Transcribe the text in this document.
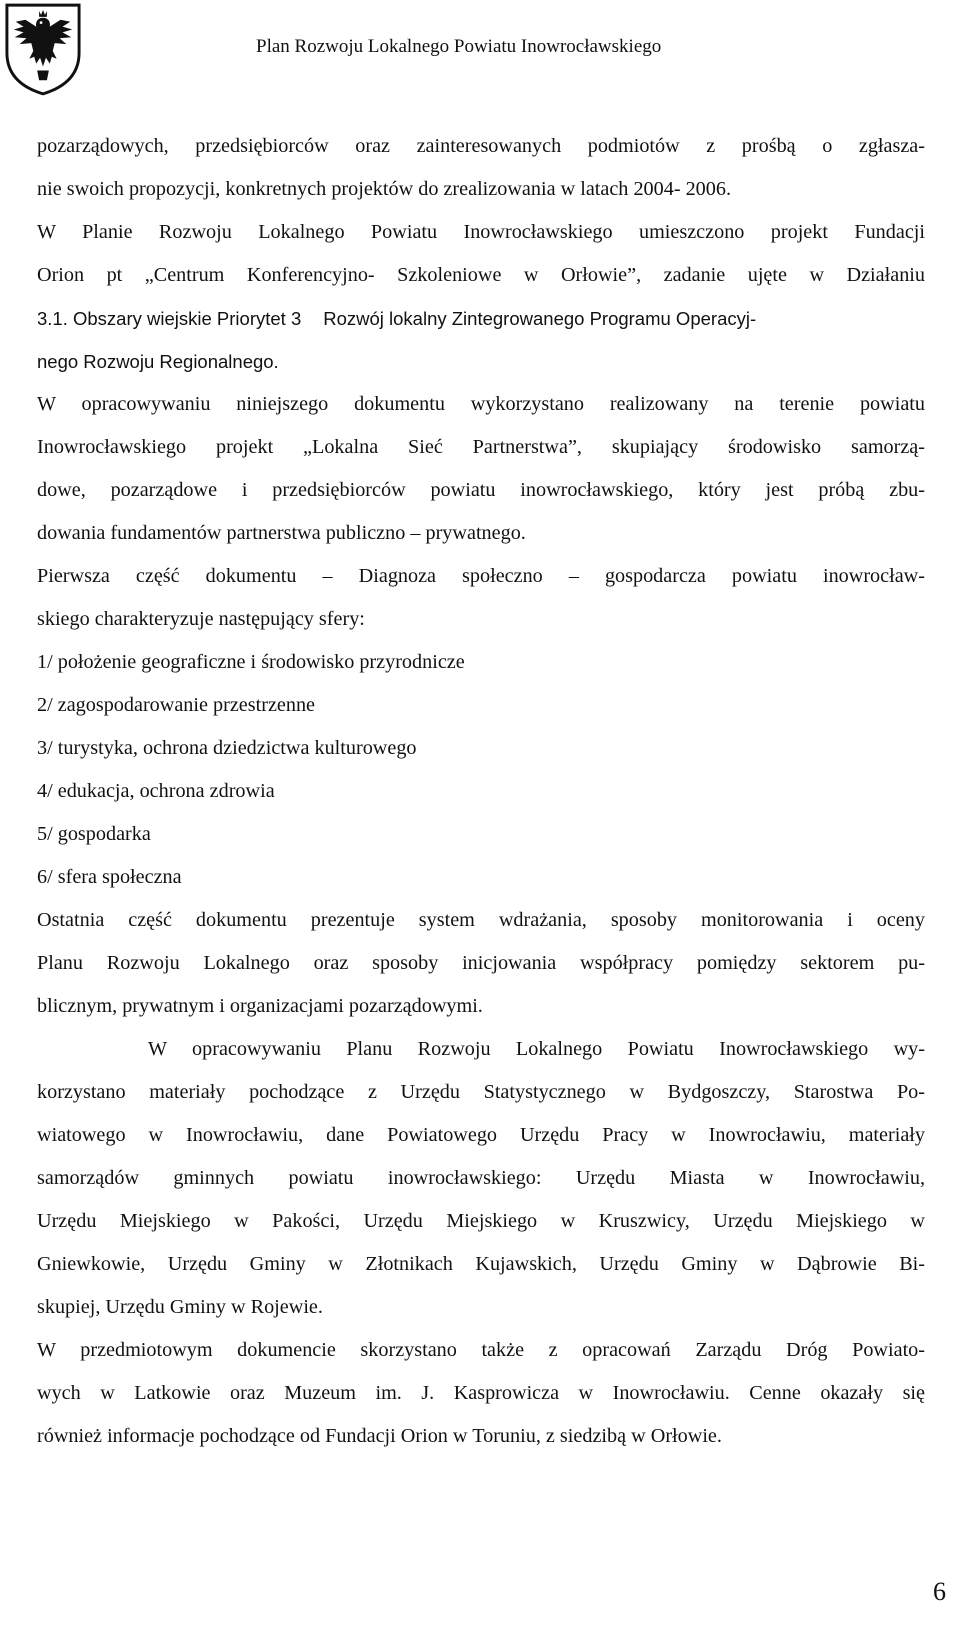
Plan Rozwoju Lokalnego Powiatu Inowrocławskiego
pozarządowych, przedsiębiorców oraz zainteresowanych podmiotów z prośbą o zgłasza-
nie swoich propozycji, konkretnych projektów do zrealizowania w latach 2004- 2006.
W Planie Rozwoju Lokalnego Powiatu Inowrocławskiego umieszczono projekt Fundacji
Orion pt „Centrum Konferencyjno- Szkoleniowe w Orłowie”, zadanie ujęte w Działaniu
3.1. Obszary wiejskie Priorytet 3 Rozwój lokalny Zintegrowanego Programu Operacyj-
nego Rozwoju Regionalnego.
W opracowywaniu niniejszego dokumentu wykorzystano realizowany na terenie powiatu
Inowrocławskiego projekt „Lokalna Sieć Partnerstwa”, skupiający środowisko samorzą-
dowe, pozarządowe i przedsiębiorców powiatu inowrocławskiego, który jest próbą zbu-
dowania fundamentów partnerstwa publiczno – prywatnego.
Pierwsza część dokumentu – Diagnoza społeczno – gospodarcza powiatu inowrocław-
skiego charakteryzuje następujący sfery:
1/ położenie geograficzne i środowisko przyrodnicze
2/ zagospodarowanie przestrzenne
3/ turystyka, ochrona dziedzictwa kulturowego
4/ edukacja, ochrona zdrowia
5/ gospodarka
6/ sfera społeczna
Ostatnia część dokumentu prezentuje system wdrażania, sposoby monitorowania i oceny
Planu Rozwoju Lokalnego oraz sposoby inicjowania współpracy pomiędzy sektorem pu-
blicznym, prywatnym i organizacjami pozarządowymi.
W opracowywaniu Planu Rozwoju Lokalnego Powiatu Inowrocławskiego wy-
korzystano materiały pochodzące z Urzędu Statystycznego w Bydgoszczy, Starostwa Po-
wiatowego w Inowrocławiu, dane Powiatowego Urzędu Pracy w Inowrocławiu, materiały
samorządów gminnych powiatu inowrocławskiego: Urzędu Miasta w Inowrocławiu,
Urzędu Miejskiego w Pakości, Urzędu Miejskiego w Kruszwicy, Urzędu Miejskiego w
Gniewkowie, Urzędu Gminy w Złotnikach Kujawskich, Urzędu Gminy w Dąbrowie Bi-
skupiej, Urzędu Gminy w Rojewie.
W przedmiotowym dokumencie skorzystano także z opracowań Zarządu Dróg Powiato-
wych w Latkowie oraz Muzeum im. J. Kasprowicza w Inowrocławiu. Cenne okazały się
również informacje pochodzące od Fundacji Orion w Toruniu, z siedzibą w Orłowie.
6
